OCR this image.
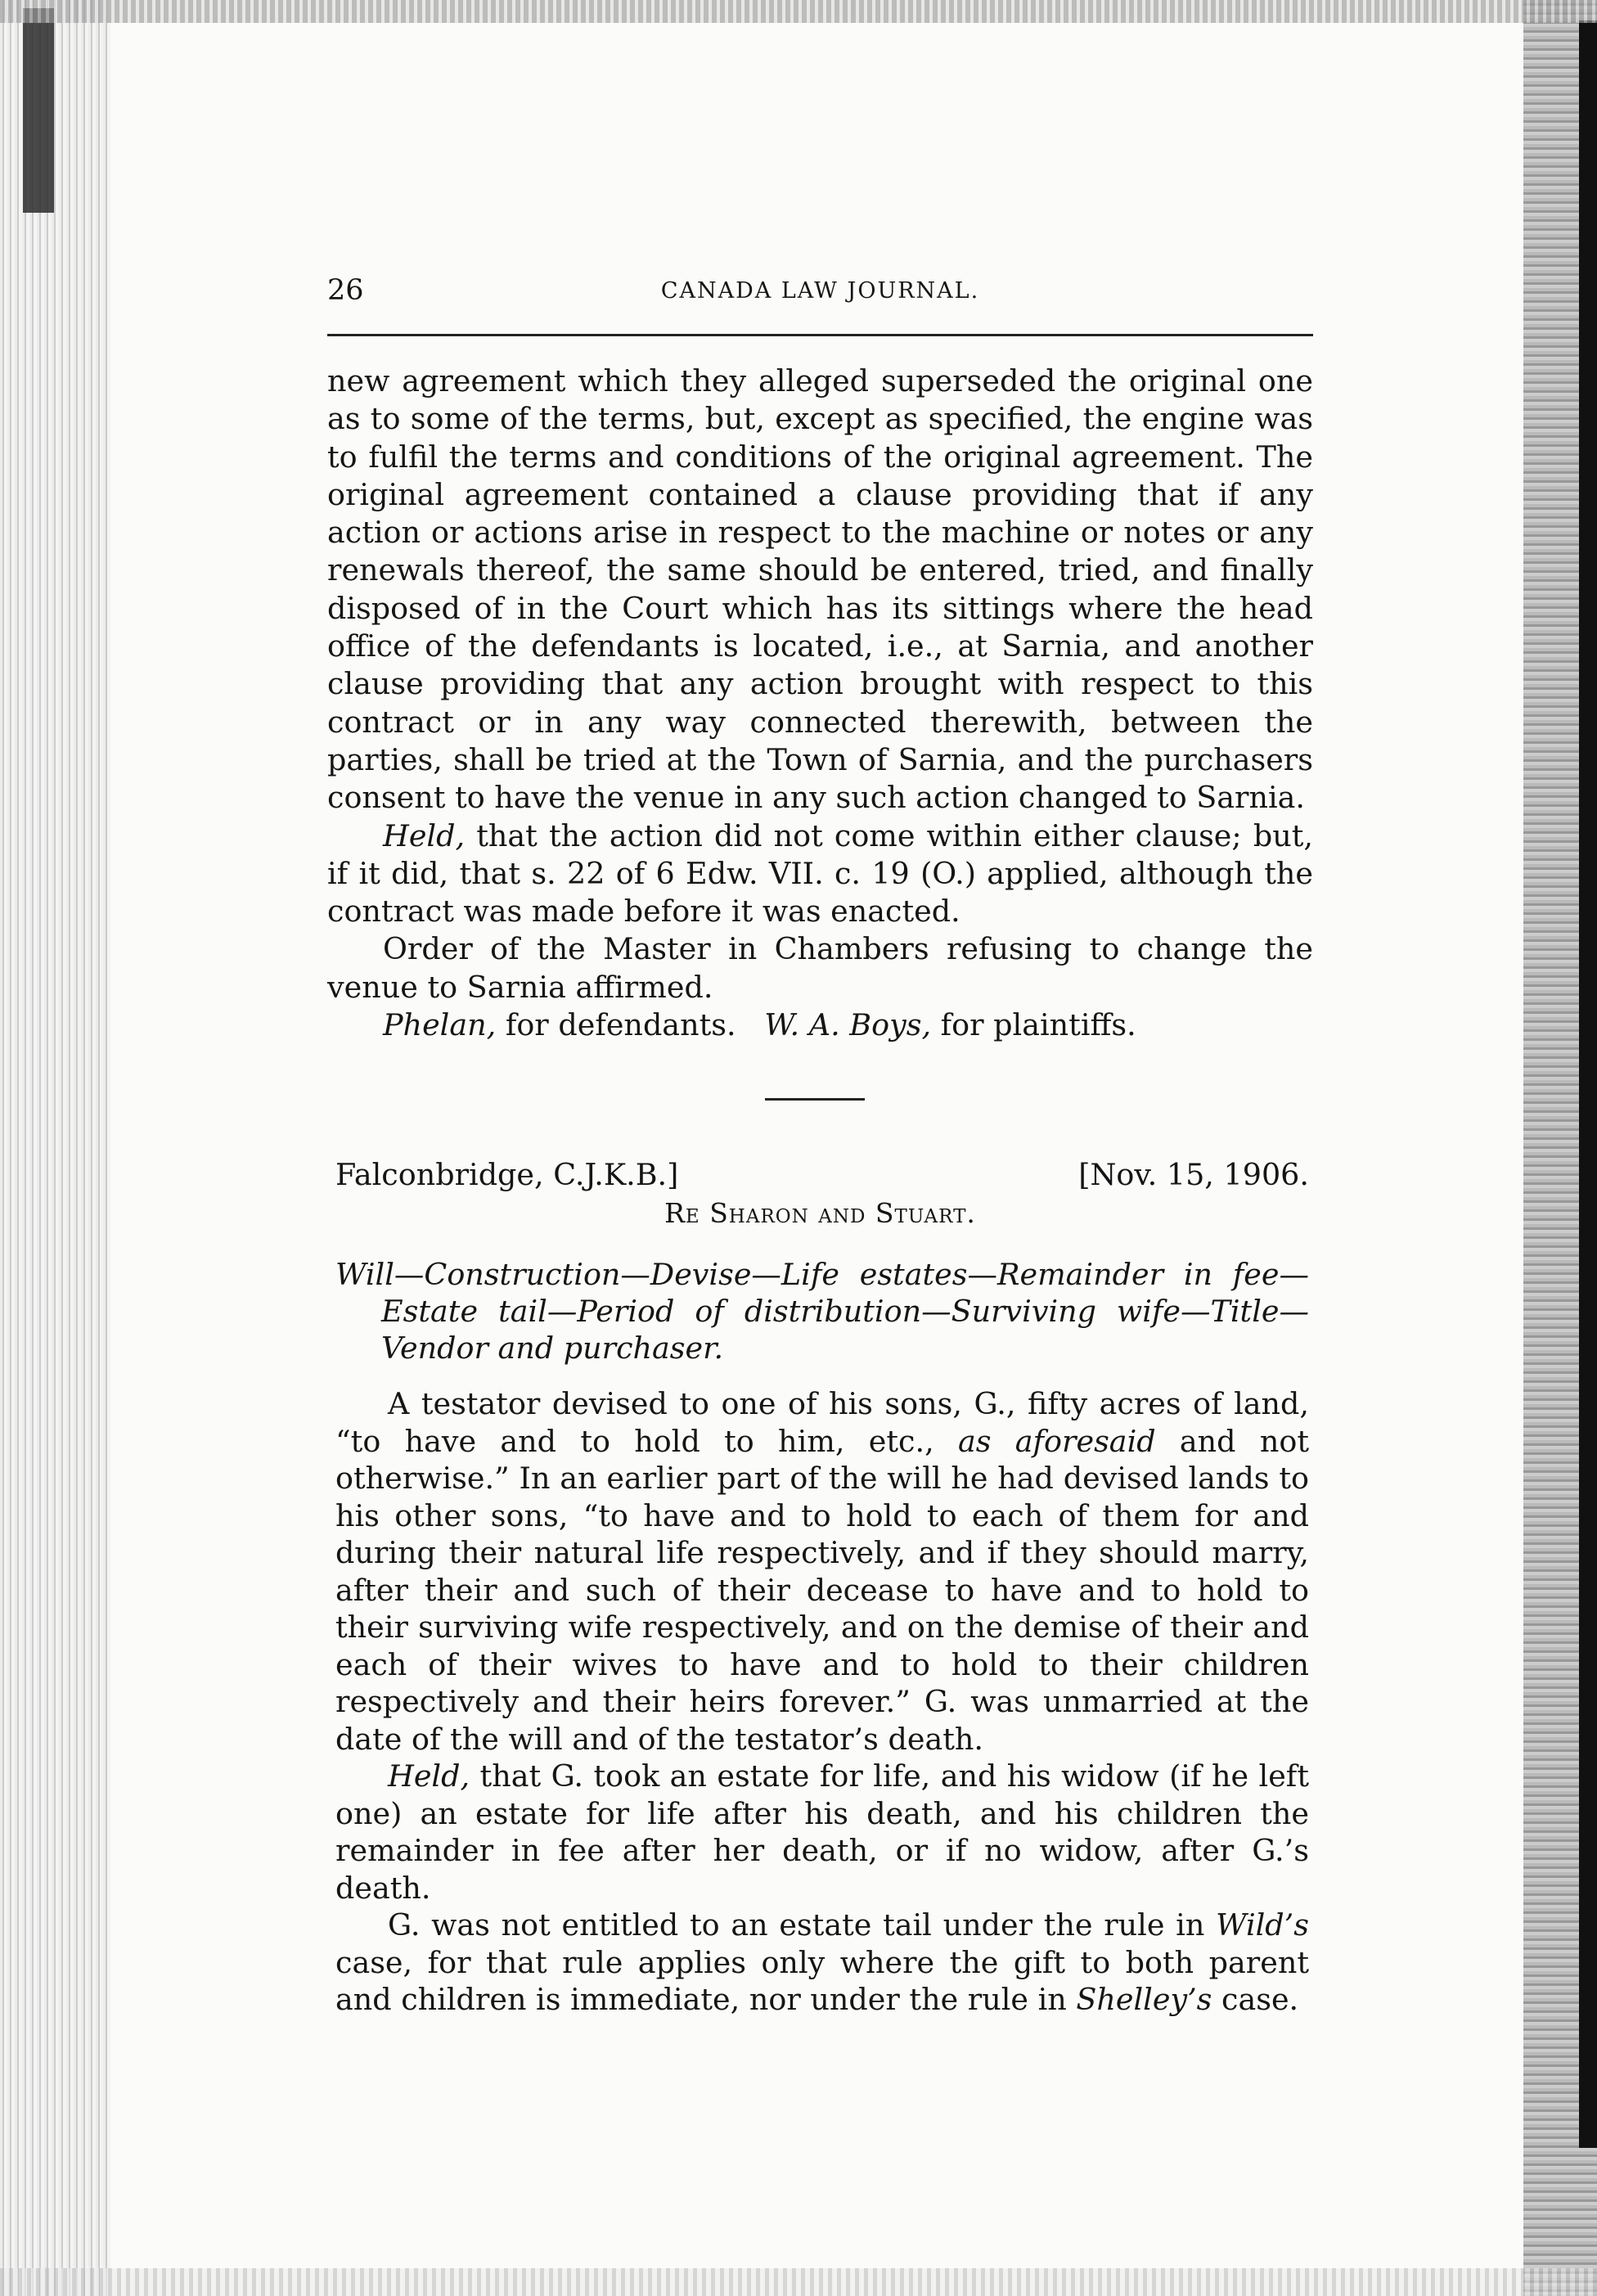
26	CANADA LAW JOURNAL.

new agreement which they alleged superseded the original one as to some of the terms, but, except as specified, the engine was to fulfil the terms and conditions of the original agreement. The original agreement contained a clause providing that if any action or actions arise in respect to the machine or notes or any renewals thereof, the same should be entered, tried, and finally disposed of in the Court which has its sittings where the head office of the defendants is located, i.e., at Sarnia, and another clause providing that any action brought with respect to this contract or in any way connected therewith, between the parties, shall be tried at the Town of Sarnia, and the purchasers consent to have the venue in any such action changed to Sarnia.

Held, that the action did not come within either clause; but, if it did, that s. 22 of 6 Edw. VII. c. 19 (O.) applied, although the contract was made before it was enacted.

Order of the Master in Chambers refusing to change the venue to Sarnia affirmed.

Phelan, for defendants. W. A. Boys, for plaintiffs.

Falconbridge, C.J.K.B.]	[Nov. 15, 1906.
Re Sharon and Stuart.
Will—Construction—Devise—Life estates—Remainder in fee—Estate tail—Period of distribution—Surviving wife—Title—Vendor and purchaser.

A testator devised to one of his sons, G., fifty acres of land, “to have and to hold to him, etc., as aforesaid and not otherwise.” In an earlier part of the will he had devised lands to his other sons, “to have and to hold to each of them for and during their natural life respectively, and if they should marry, after their and such of their decease to have and to hold to their surviving wife respectively, and on the demise of their and each of their wives to have and to hold to their children respectively and their heirs forever.” G. was unmarried at the date of the will and of the testator’s death.

Held, that G. took an estate for life, and his widow (if he left one) an estate for life after his death, and his children the remainder in fee after her death, or if no widow, after G.’s death.

G. was not entitled to an estate tail under the rule in Wild’s case, for that rule applies only where the gift to both parent and children is immediate, nor under the rule in Shelley’s case.
